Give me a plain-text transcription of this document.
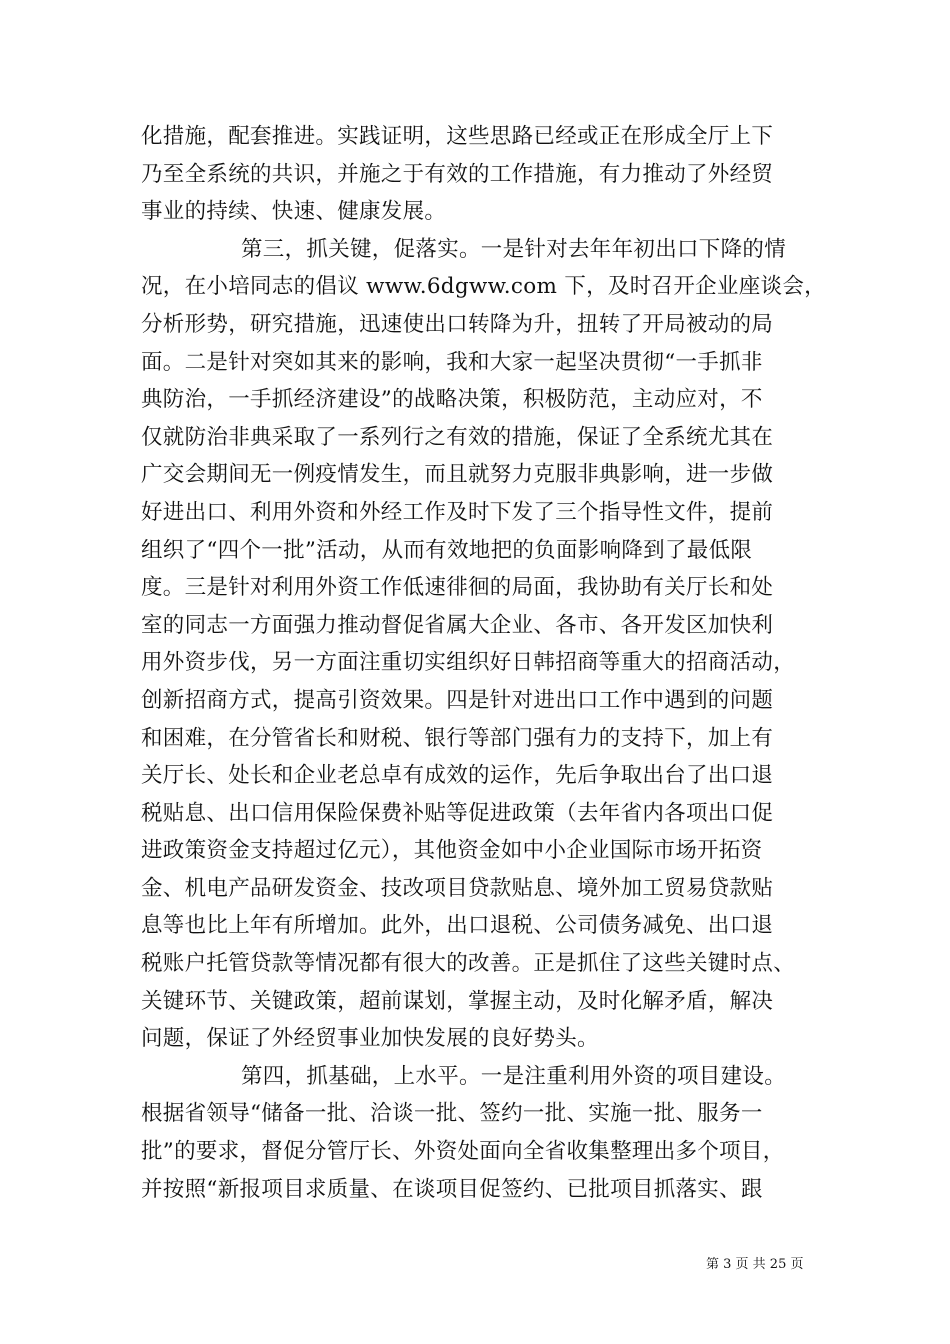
化措施，配套推进。实践证明，这些思路已经或正在形成全厅上下
乃至全系统的共识，并施之于有效的工作措施，有力推动了外经贸
事业的持续、快速、健康发展。
第三，抓关键，促落实。一是针对去年年初出口下降的情
况，在小培同志的倡议 www.6dgww.com 下，及时召开企业座谈会，
分析形势，研究措施，迅速使出口转降为升，扭转了开局被动的局
面。二是针对突如其来的影响，我和大家一起坚决贯彻“一手抓非
典防治，一手抓经济建设”的战略决策，积极防范，主动应对，不
仅就防治非典采取了一系列行之有效的措施，保证了全系统尤其在
广交会期间无一例疫情发生，而且就努力克服非典影响，进一步做
好进出口、利用外资和外经工作及时下发了三个指导性文件，提前
组织了“四个一批”活动，从而有效地把的负面影响降到了最低限
度。三是针对利用外资工作低速徘徊的局面，我协助有关厅长和处
室的同志一方面强力推动督促省属大企业、各市、各开发区加快利
用外资步伐，另一方面注重切实组织好日韩招商等重大的招商活动，
创新招商方式，提高引资效果。四是针对进出口工作中遇到的问题
和困难，在分管省长和财税、银行等部门强有力的支持下，加上有
关厅长、处长和企业老总卓有成效的运作，先后争取出台了出口退
税贴息、出口信用保险保费补贴等促进政策（去年省内各项出口促
进政策资金支持超过亿元），其他资金如中小企业国际市场开拓资
金、机电产品研发资金、技改项目贷款贴息、境外加工贸易贷款贴
息等也比上年有所增加。此外，出口退税、公司债务减免、出口退
税账户托管贷款等情况都有很大的改善。正是抓住了这些关键时点、
关键环节、关键政策，超前谋划，掌握主动，及时化解矛盾，解决
问题，保证了外经贸事业加快发展的良好势头。
第四，抓基础，上水平。一是注重利用外资的项目建设。
根据省领导“储备一批、洽谈一批、签约一批、实施一批、服务一
批”的要求，督促分管厅长、外资处面向全省收集整理出多个项目，
并按照“新报项目求质量、在谈项目促签约、已批项目抓落实、跟
第 3 页 共 25 页
